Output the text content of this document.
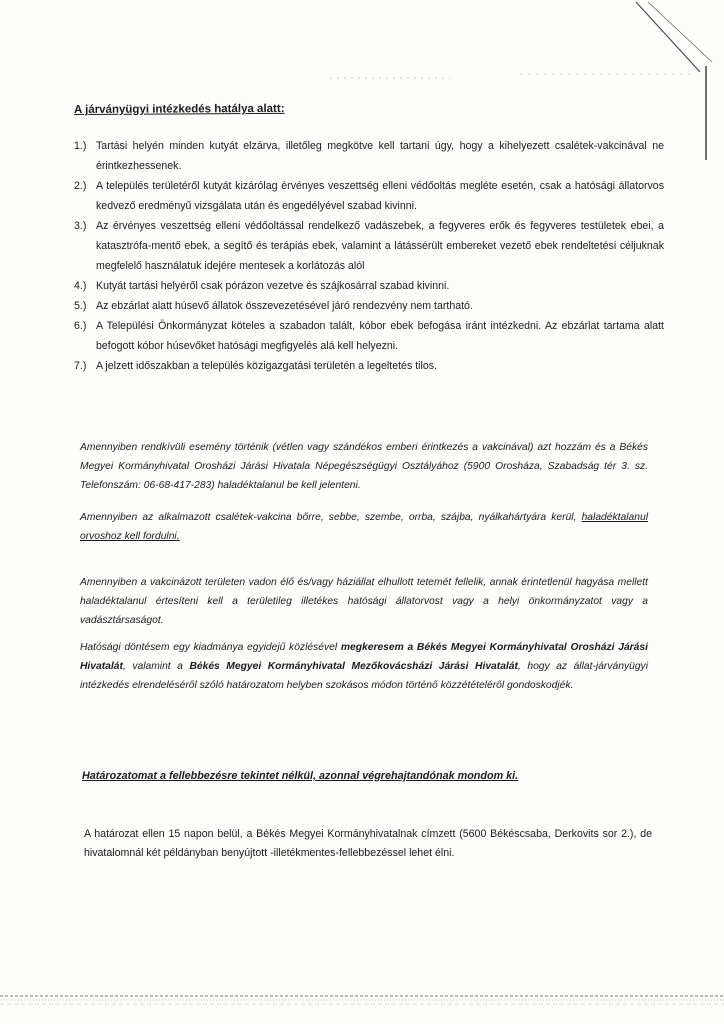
A járványügyi intézkedés hatálya alatt:
1.) Tartási helyén minden kutyát elzárva, illetőleg megkötve kell tartani úgy, hogy a kihelyezett csalétek-vakcinával ne érintkezhessenek.
2.) A település területéről kutyát kizárólag érvényes veszettség elleni védőoltás megléte esetén, csak a hatósági állatorvos kedvező eredményű vizsgálata után és engedélyével szabad kivinni.
3.) Az érvényes veszettség elleni védőoltással rendelkező vadászebek, a fegyveres erők és fegyveres testületek ebei, a katasztrófa-mentő ebek, a segítő és terápiás ebek, valamint a látássérült embereket vezető ebek rendeltetési céljuknak megfelelő használatuk idejére mentesek a korlátozás alól
4.) Kutyát tartási helyéről csak pórázon vezetve és szájkosárral szabad kivinni.
5.) Az ebzárlat alatt húsevő állatok összevezetésével járó rendezvény nem tartható.
6.) A Települési Önkormányzat köteles a szabadon talált, kóbor ebek befogása iránt intézkedni. Az ebzárlat tartama alatt befogott kóbor húsevőket hatósági megfigyelés alá kell helyezni.
7.) A jelzett időszakban a település közigazgatási területén a legeltetés tilos.
Amennyiben rendkívüli esemény történik (vétlen vagy szándékos emberi érintkezés a vakcinával) azt hozzám és a Békés Megyei Kormányhivatal Orosházi Járási Hivatala Népegészségügyi Osztályához (5900 Orosháza, Szabadság tér 3. sz. Telefonszám: 06-68-417-283) haladéktalanul be kell jelenteni.
Amennyiben az alkalmazott csalétek-vakcina bőrre, sebbe, szembe, orrba, szájba, nyálkahártyára kerül, haladéktalanul orvoshoz kell fordulni.
Amennyiben a vakcinázott területen vadon élő és/vagy háziállat elhullott tetemét fellelik, annak érintetlenül hagyása mellett haladéktalanul értesíteni kell a területileg illetékes hatósági állatorvost vagy a helyi önkormányzatot vagy a vadásztársaságot.
Hatósági döntésem egy kiadmánya egyidejű közlésével megkeresem a Békés Megyei Kormányhivatal Orosházi Járási Hivatalát, valamint a Békés Megyei Kormányhivatal Mezőkovácsházi Járási Hivatalát, hogy az állat-járványügyi intézkedés elrendeléséről szóló határozatom helyben szokásos módon történő közzétételéről gondoskodjék.
Határozatomat a fellebbezésre tekintet nélkül, azonnal végrehajtandónak mondom ki.
A határozat ellen 15 napon belül, a Békés Megyei Kormányhivatalnak címzett (5600 Békéscsaba, Derkovits sor 2.), de hivatalomnál két példányban benyújtott -illetékmentes-fellebbezéssel lehet élni.
